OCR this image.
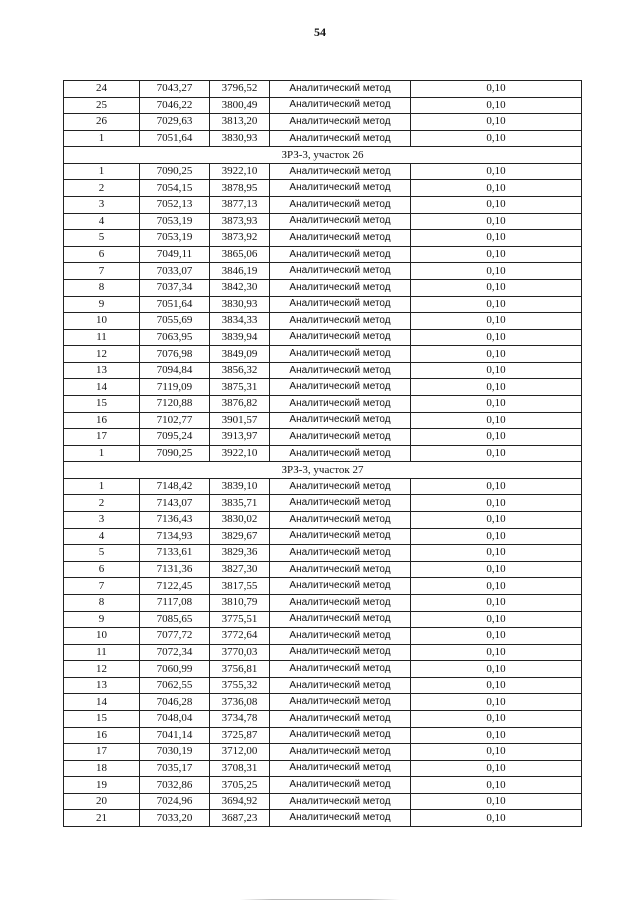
54
24	7043,27	3796,52	Аналитический метод	0,10
25	7046,22	3800,49	Аналитический метод	0,10
26	7029,63	3813,20	Аналитический метод	0,10
1	7051,64	3830,93	Аналитический метод	0,10
ЗРЗ-3, участок 26				
1	7090,25	3922,10	Аналитический метод	0,10
2	7054,15	3878,95	Аналитический метод	0,10
3	7052,13	3877,13	Аналитический метод	0,10
4	7053,19	3873,93	Аналитический метод	0,10
5	7053,19	3873,92	Аналитический метод	0,10
6	7049,11	3865,06	Аналитический метод	0,10
7	7033,07	3846,19	Аналитический метод	0,10
8	7037,34	3842,30	Аналитический метод	0,10
9	7051,64	3830,93	Аналитический метод	0,10
10	7055,69	3834,33	Аналитический метод	0,10
11	7063,95	3839,94	Аналитический метод	0,10
12	7076,98	3849,09	Аналитический метод	0,10
13	7094,84	3856,32	Аналитический метод	0,10
14	7119,09	3875,31	Аналитический метод	0,10
15	7120,88	3876,82	Аналитический метод	0,10
16	7102,77	3901,57	Аналитический метод	0,10
17	7095,24	3913,97	Аналитический метод	0,10
1	7090,25	3922,10	Аналитический метод	0,10
ЗРЗ-3, участок 27				
1	7148,42	3839,10	Аналитический метод	0,10
2	7143,07	3835,71	Аналитический метод	0,10
3	7136,43	3830,02	Аналитический метод	0,10
4	7134,93	3829,67	Аналитический метод	0,10
5	7133,61	3829,36	Аналитический метод	0,10
6	7131,36	3827,30	Аналитический метод	0,10
7	7122,45	3817,55	Аналитический метод	0,10
8	7117,08	3810,79	Аналитический метод	0,10
9	7085,65	3775,51	Аналитический метод	0,10
10	7077,72	3772,64	Аналитический метод	0,10
11	7072,34	3770,03	Аналитический метод	0,10
12	7060,99	3756,81	Аналитический метод	0,10
13	7062,55	3755,32	Аналитический метод	0,10
14	7046,28	3736,08	Аналитический метод	0,10
15	7048,04	3734,78	Аналитический метод	0,10
16	7041,14	3725,87	Аналитический метод	0,10
17	7030,19	3712,00	Аналитический метод	0,10
18	7035,17	3708,31	Аналитический метод	0,10
19	7032,86	3705,25	Аналитический метод	0,10
20	7024,96	3694,92	Аналитический метод	0,10
21	7033,20	3687,23	Аналитический метод	0,10
